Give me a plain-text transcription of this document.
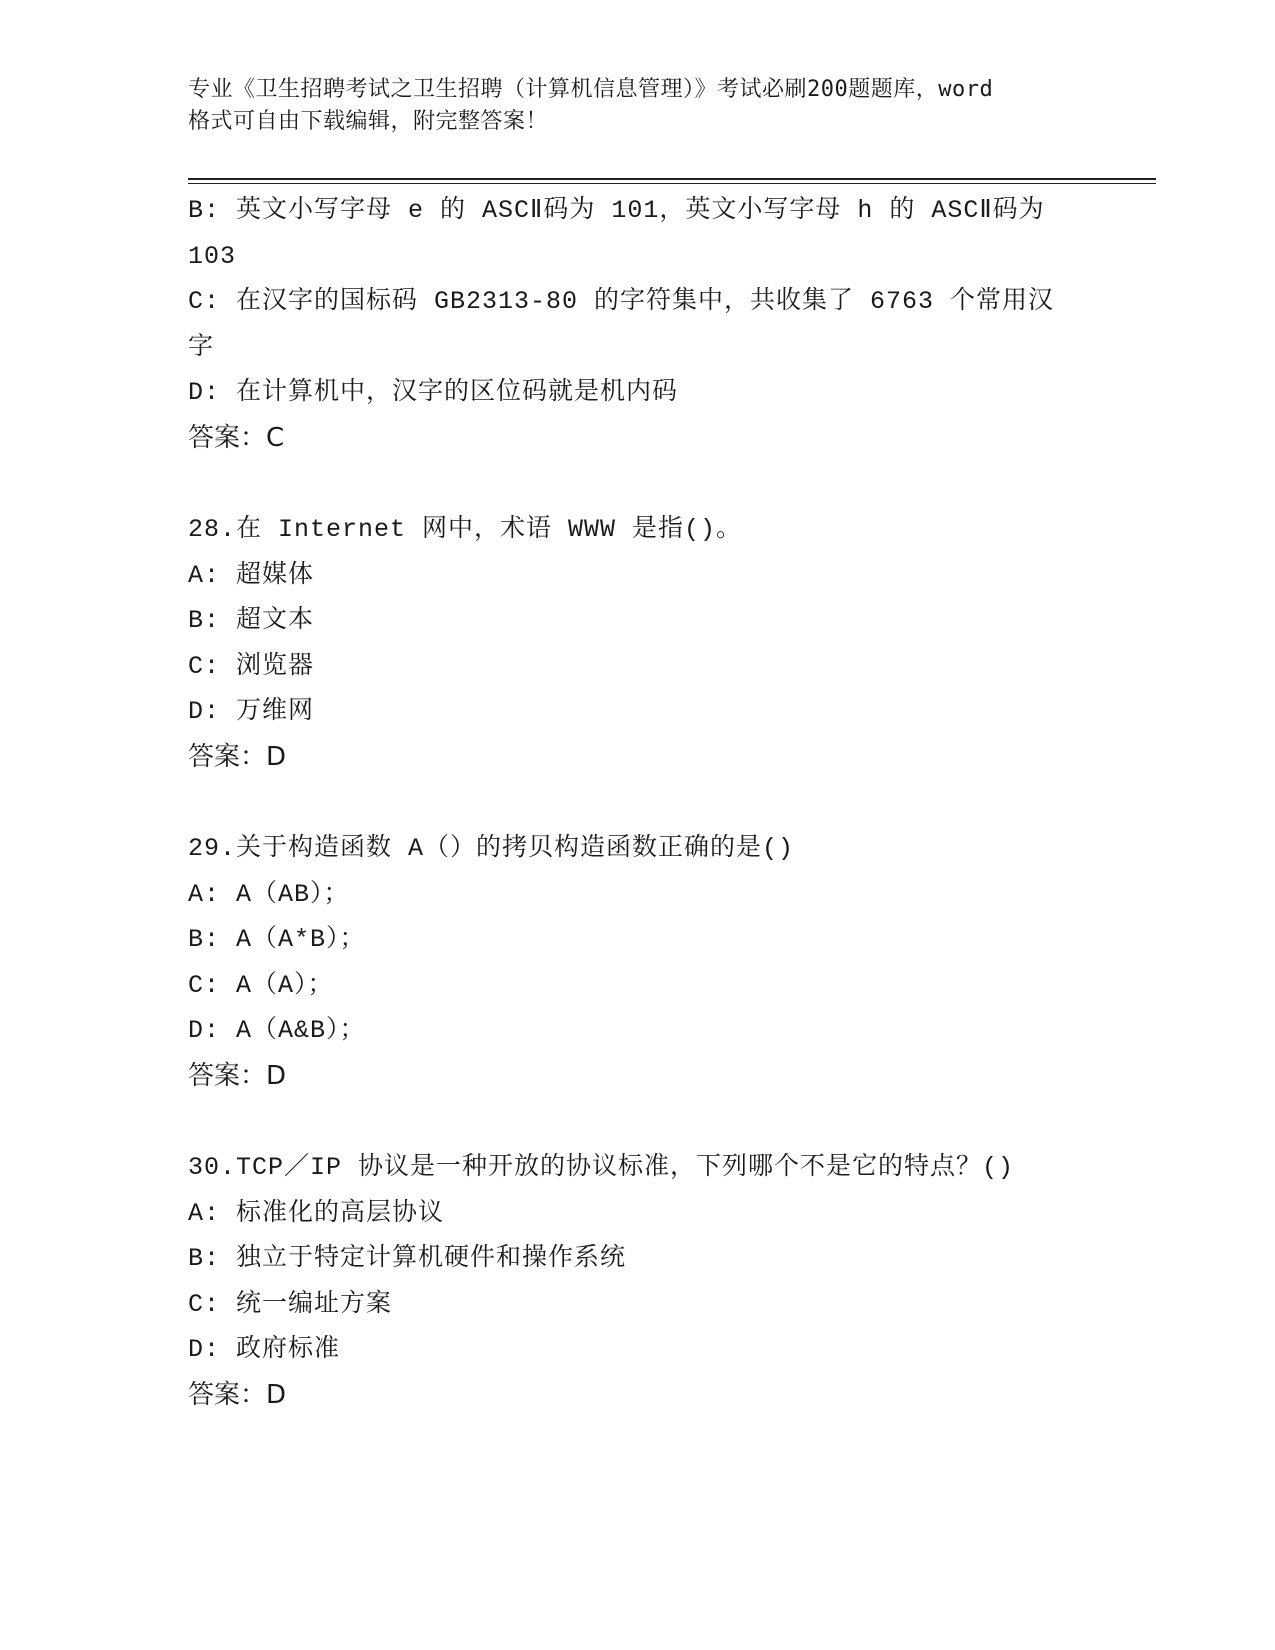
专业《卫生招聘考试之卫生招聘（计算机信息管理）》考试必刷200题题库，word
格式可自由下载编辑，附完整答案！
B: 英文小写字母 e 的 ASCⅡ码为 101，英文小写字母 h 的 ASCⅡ码为
103
C: 在汉字的国标码 GB2313-80 的字符集中，共收集了 6763 个常用汉
字
D: 在计算机中，汉字的区位码就是机内码
答案：C
28.在 Internet 网中，术语 WWW 是指()。
A: 超媒体
B: 超文本
C: 浏览器
D: 万维网
答案：D
29.关于构造函数 A（）的拷贝构造函数正确的是()
A: A（AB）；
B: A（A*B）；
C: A（A）；
D: A（A&B）；
答案：D
30.TCP／IP 协议是一种开放的协议标准，下列哪个不是它的特点？()
A: 标准化的高层协议
B: 独立于特定计算机硬件和操作系统
C: 统一编址方案
D: 政府标准
答案：D
